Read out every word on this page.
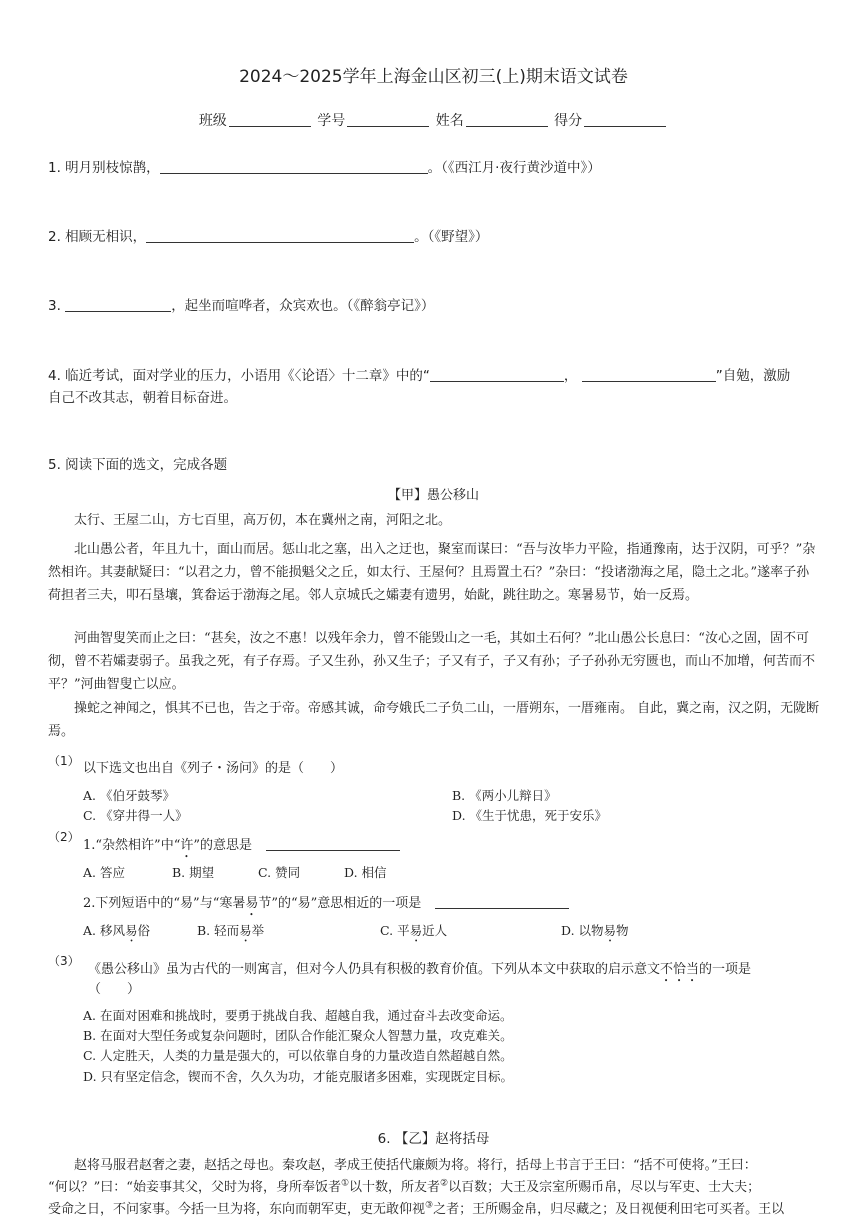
2024～2025学年上海金山区初三(上)期末语文试卷
班级	学号	姓名	得分
1. 明月别枝惊鹊，	。（《西江月·夜行黄沙道中》）
2. 相顾无相识，	。（《野望》）
3.	，起坐而喧哗者，众宾欢也。（《醉翁亭记》）
4. 临近考试，面对学业的压力，小语用《〈论语〉十二章》中的“	，	”自勉，激励
自己不改其志，朝着目标奋进。
5. 阅读下面的选文，完成各题
【甲】愚公移山
太行、王屋二山，方七百里，高万仞，本在冀州之南，河阳之北。
北山愚公者，年且九十，面山而居。惩山北之塞，出入之迂也，聚室而谋曰：“吾与汝毕力平险，指通豫南，达于汉阴，可乎？”杂然相许。其妻献疑曰：“以君之力，曾不能损魁父之丘，如太行、王屋何？且焉置土石？”杂曰：“投诸渤海之尾，隐土之北。”遂率子孙荷担者三夫，叩石垦壤，箕畚运于渤海之尾。邻人京城氏之孀妻有遗男，始龀，跳往助之。寒暑易节，始一反焉。
河曲智叟笑而止之曰：“甚矣，汝之不惠！以残年余力，曾不能毁山之一毛，其如土石何？”北山愚公长息曰：“汝心之固，固不可彻，曾不若孀妻弱子。虽我之死，有子存焉。子又生孙，孙又生子；子又有子，子又有孙；子子孙孙无穷匮也，而山不加增，何苦而不平？”河曲智叟亡以应。
操蛇之神闻之，惧其不已也，告之于帝。帝感其诚，命夸娥氏二子负二山，一厝朔东，一厝雍南。 自此，冀之南，汉之阴，无陇断焉。
（1） 以下选文也出自《列子・汤问》的是（　　）
A. 《伯牙鼓琴》	B. 《两小儿辩日》
C. 《穿井得一人》	D. 《生于忧患，死于安乐》
（2）
1.“杂然相许”中“许”的意思是
A. 答应	B. 期望	C. 赞同	D. 相信
2.下列短语中的“易”与“寒暑易节”的“易”意思相近的一项是
A. 移风易俗	B. 轻而易举	C. 平易近人	D. 以物易物
（3）
《愚公移山》虽为古代的一则寓言，但对今人仍具有积极的教育价值。下列从本文中获取的启示意文不恰当的一项是
（　　）
A. 在面对困难和挑战时，要勇于挑战自我、超越自我，通过奋斗去改变命运。
B. 在面对大型任务或复杂问题时，团队合作能汇聚众人智慧力量，攻克难关。
C. 人定胜天，人类的力量是强大的，可以依靠自身的力量改造自然超越自然。
D. 只有坚定信念，锲而不舍，久久为功，才能克服诸多困难，实现既定目标。
6. 【乙】赵将括母
赵将马服君赵奢之妻，赵括之母也。秦攻赵，孝成王使括代廉颇为将。将行，括母上书言于王曰：“括不可使将。”王曰：
“何以？”曰：“始妾事其父，父时为将，身所奉饭者①以十数，所友者②以百数；大王及宗室所赐币帛，尽以与军吏、士大夫；
受命之日，不问家事。今括一旦为将，东向而朝军吏，吏无敢仰视③之者；王所赐金帛，归尽藏之；及日视便利田宅可买者。王以
